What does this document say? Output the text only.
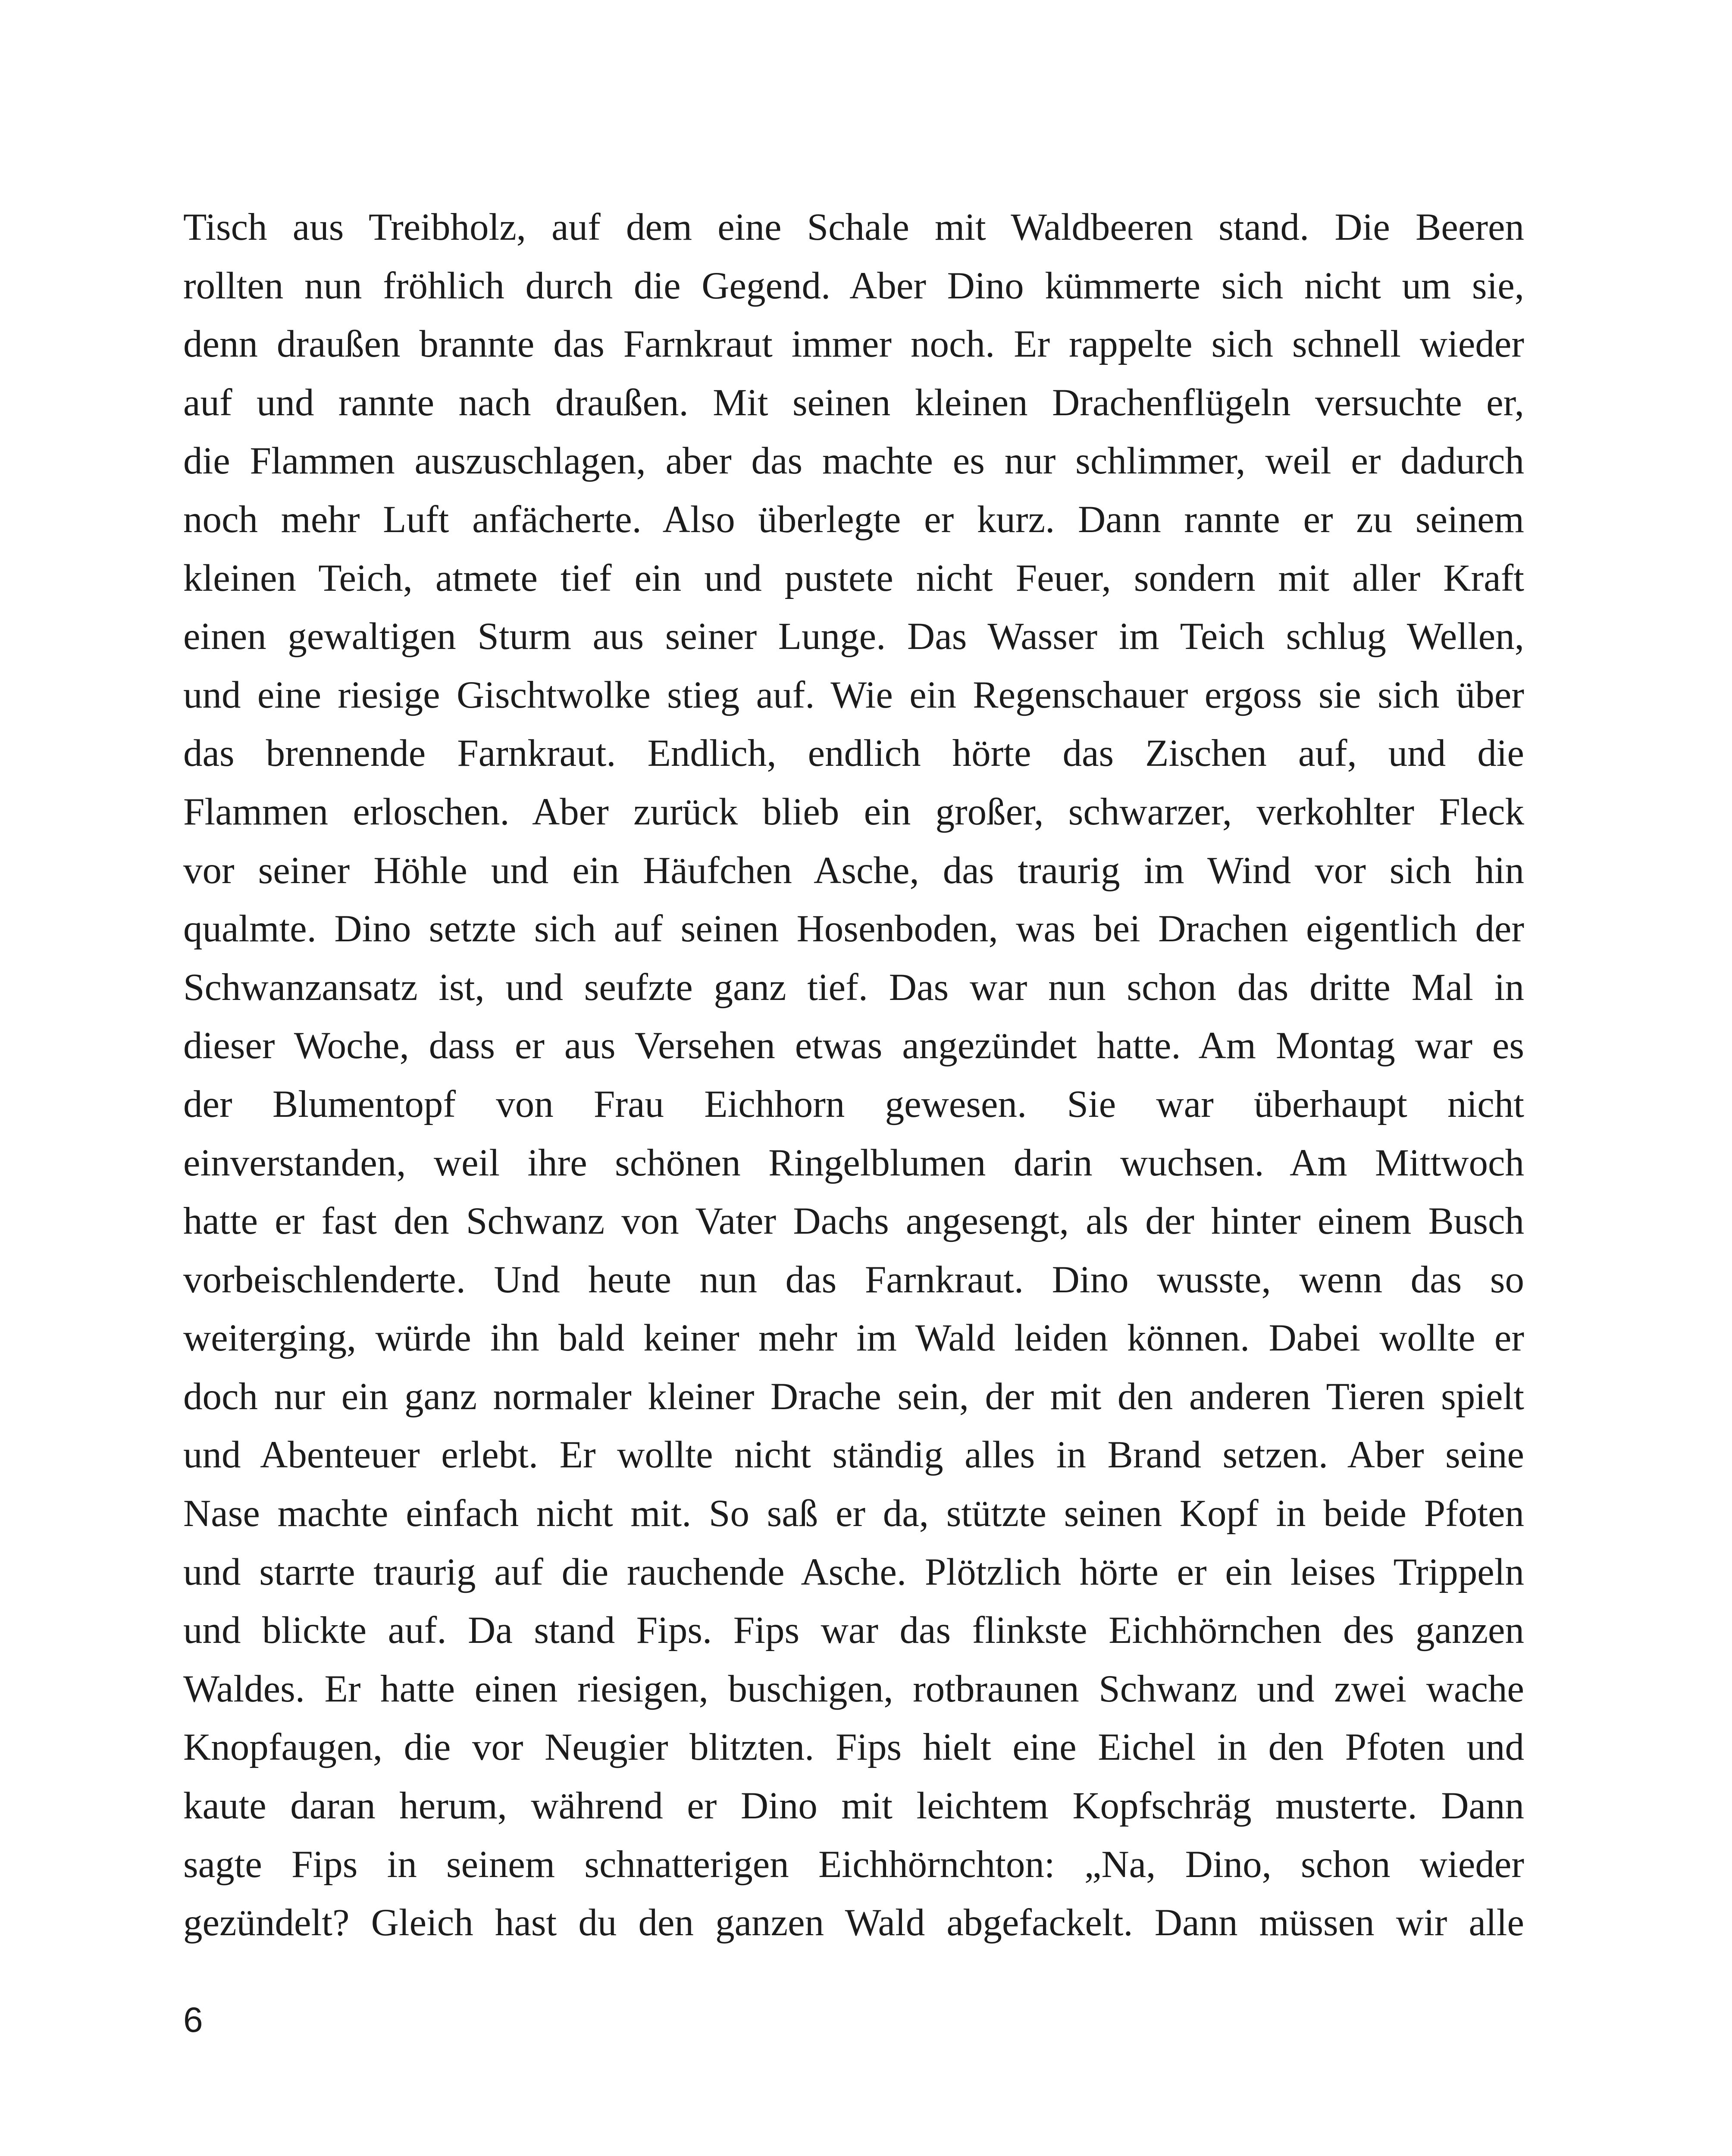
Tisch aus Treibholz, auf dem eine Schale mit Waldbeeren stand. Die Beeren
rollten nun fröhlich durch die Gegend. Aber Dino kümmerte sich nicht um sie,
denn draußen brannte das Farnkraut immer noch. Er rappelte sich schnell wieder
auf und rannte nach draußen. Mit seinen kleinen Drachenflügeln versuchte er,
die Flammen auszuschlagen, aber das machte es nur schlimmer, weil er dadurch
noch mehr Luft anfächerte. Also überlegte er kurz. Dann rannte er zu seinem
kleinen Teich, atmete tief ein und pustete nicht Feuer, sondern mit aller Kraft
einen gewaltigen Sturm aus seiner Lunge. Das Wasser im Teich schlug Wellen,
und eine riesige Gischtwolke stieg auf. Wie ein Regenschauer ergoss sie sich über
das brennende Farnkraut. Endlich, endlich hörte das Zischen auf, und die
Flammen erloschen. Aber zurück blieb ein großer, schwarzer, verkohlter Fleck
vor seiner Höhle und ein Häufchen Asche, das traurig im Wind vor sich hin
qualmte. Dino setzte sich auf seinen Hosenboden, was bei Drachen eigentlich der
Schwanzansatz ist, und seufzte ganz tief. Das war nun schon das dritte Mal in
dieser Woche, dass er aus Versehen etwas angezündet hatte. Am Montag war es
der Blumentopf von Frau Eichhorn gewesen. Sie war überhaupt nicht
einverstanden, weil ihre schönen Ringelblumen darin wuchsen. Am Mittwoch
hatte er fast den Schwanz von Vater Dachs angesengt, als der hinter einem Busch
vorbeischlenderte. Und heute nun das Farnkraut. Dino wusste, wenn das so
weiterging, würde ihn bald keiner mehr im Wald leiden können. Dabei wollte er
doch nur ein ganz normaler kleiner Drache sein, der mit den anderen Tieren spielt
und Abenteuer erlebt. Er wollte nicht ständig alles in Brand setzen. Aber seine
Nase machte einfach nicht mit. So saß er da, stützte seinen Kopf in beide Pfoten
und starrte traurig auf die rauchende Asche. Plötzlich hörte er ein leises Trippeln
und blickte auf. Da stand Fips. Fips war das flinkste Eichhörnchen des ganzen
Waldes. Er hatte einen riesigen, buschigen, rotbraunen Schwanz und zwei wache
Knopfaugen, die vor Neugier blitzten. Fips hielt eine Eichel in den Pfoten und
kaute daran herum, während er Dino mit leichtem Kopfschräg musterte. Dann
sagte Fips in seinem schnatterigen Eichhörnchton: „Na, Dino, schon wieder
gezündelt? Gleich hast du den ganzen Wald abgefackelt. Dann müssen wir alle
6
